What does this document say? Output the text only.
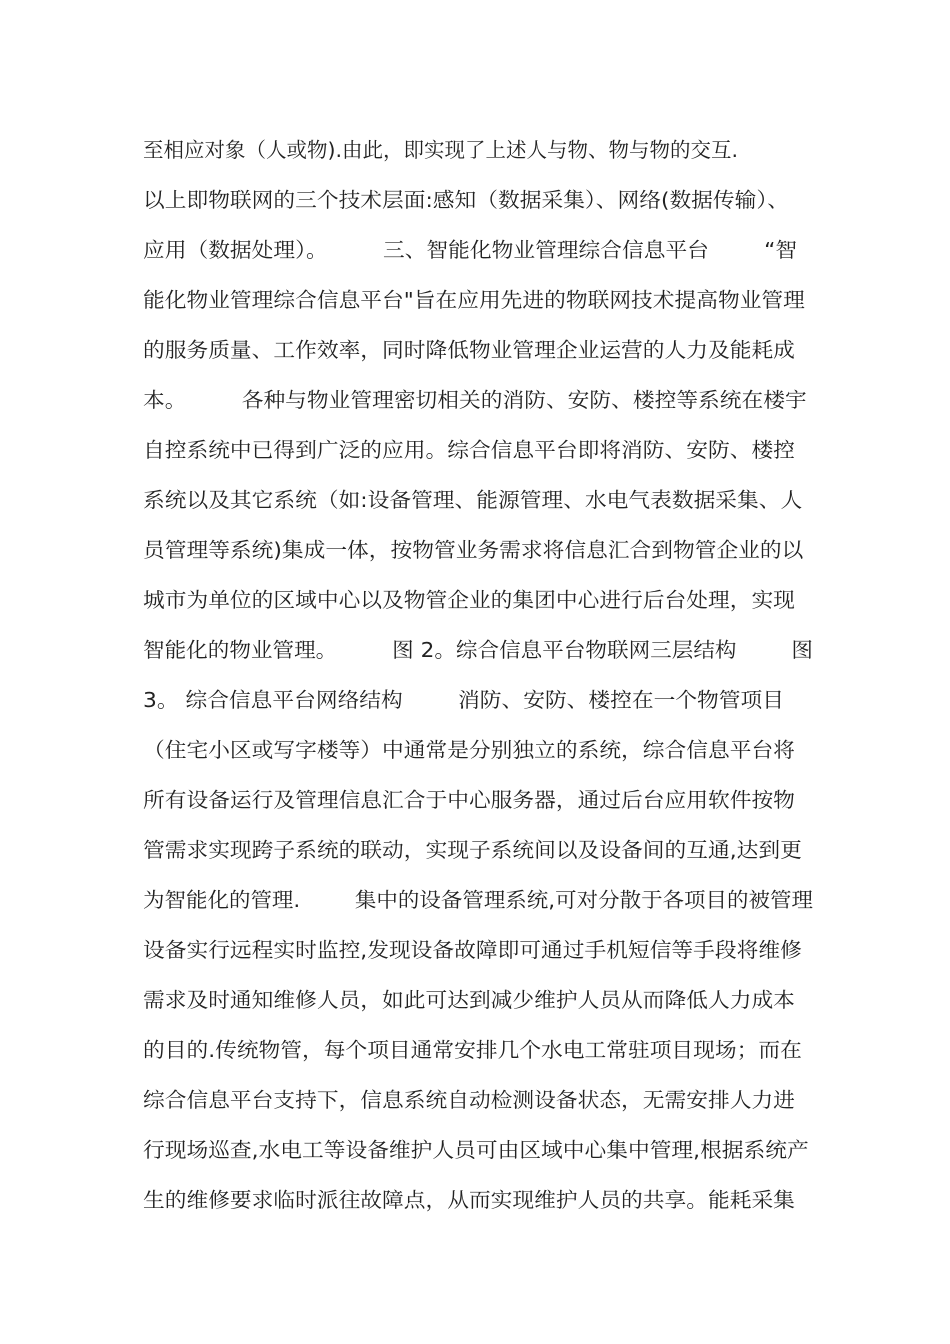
至相应对象（人或物).由此，即实现了上述人与物、物与物的交互.
以上即物联网的三个技术层面:感知（数据采集）、网络(数据传输）、
应用（数据处理）。        三、智能化物业管理综合信息平台        “智
能化物业管理综合信息平台"旨在应用先进的物联网技术提高物业管理
的服务质量、工作效率，同时降低物业管理企业运营的人力及能耗成
本。        各种与物业管理密切相关的消防、安防、楼控等系统在楼宇
自控系统中已得到广泛的应用。综合信息平台即将消防、安防、楼控
系统以及其它系统（如:设备管理、能源管理、水电气表数据采集、人
员管理等系统)集成一体，按物管业务需求将信息汇合到物管企业的以
城市为单位的区域中心以及物管企业的集团中心进行后台处理，实现
智能化的物业管理。        图 2。综合信息平台物联网三层结构        图
3。 综合信息平台网络结构        消防、安防、楼控在一个物管项目
（住宅小区或写字楼等）中通常是分别独立的系统，综合信息平台将
所有设备运行及管理信息汇合于中心服务器，通过后台应用软件按物
管需求实现跨子系统的联动，实现子系统间以及设备间的互通,达到更
为智能化的管理.        集中的设备管理系统,可对分散于各项目的被管理
设备实行远程实时监控,发现设备故障即可通过手机短信等手段将维修
需求及时通知维修人员，如此可达到减少维护人员从而降低人力成本
的目的.传统物管，每个项目通常安排几个水电工常驻项目现场；而在
综合信息平台支持下，信息系统自动检测设备状态，无需安排人力进
行现场巡查,水电工等设备维护人员可由区域中心集中管理,根据系统产
生的维修要求临时派往故障点，从而实现维护人员的共享。能耗采集
